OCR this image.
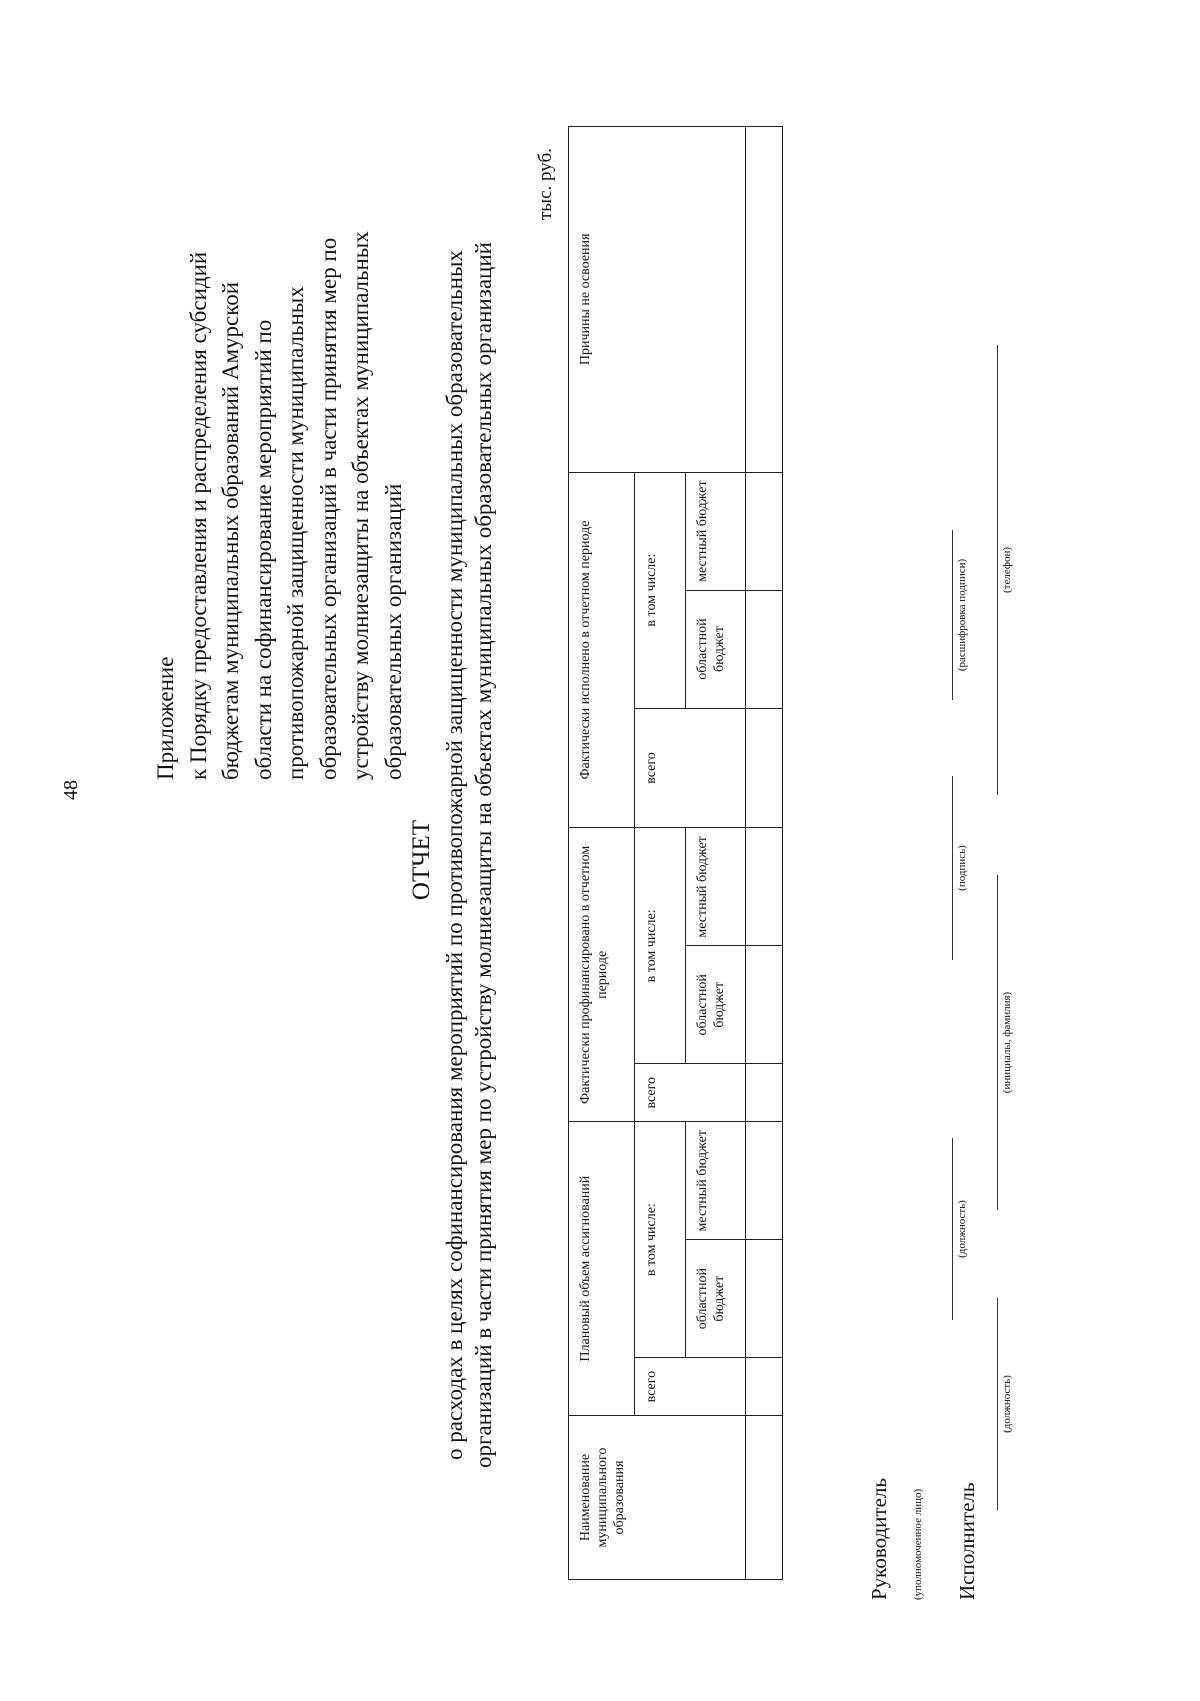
48
Приложение к Порядку предоставления и распределения субсидий бюджетам муниципальных образований Амурской области на софинансирование мероприятий по противопожарной защищенности муниципальных образовательных организаций в части принятия мер по устройству молниезащиты на объектах муниципальных образовательных организаций
ОТЧЕТ о расходах в целях софинансирования мероприятий по противопожарной защищенности муниципальных образовательных организаций в части принятия мер по устройству молниезащиты на объектах муниципальных образовательных организаций
тыс. руб.
Наименование муниципального образования	Плановый объем ассигнований			Фактически профинансировано в отчетном периоде			Фактически исполнено в отчетном периоде			Причины не освоения
	всего	в том числе:		всего	в том числе:		всего	в том числе:		
		областной бюджет	местный бюджет		областной бюджет	местный бюджет		областной бюджет	местный бюджет	

Руководитель (уполномоченное лицо)
(должность)
(подпись)
(расшифровка подписи)
Исполнитель
(должность)
(инициалы, фамилия)
(телефон)
